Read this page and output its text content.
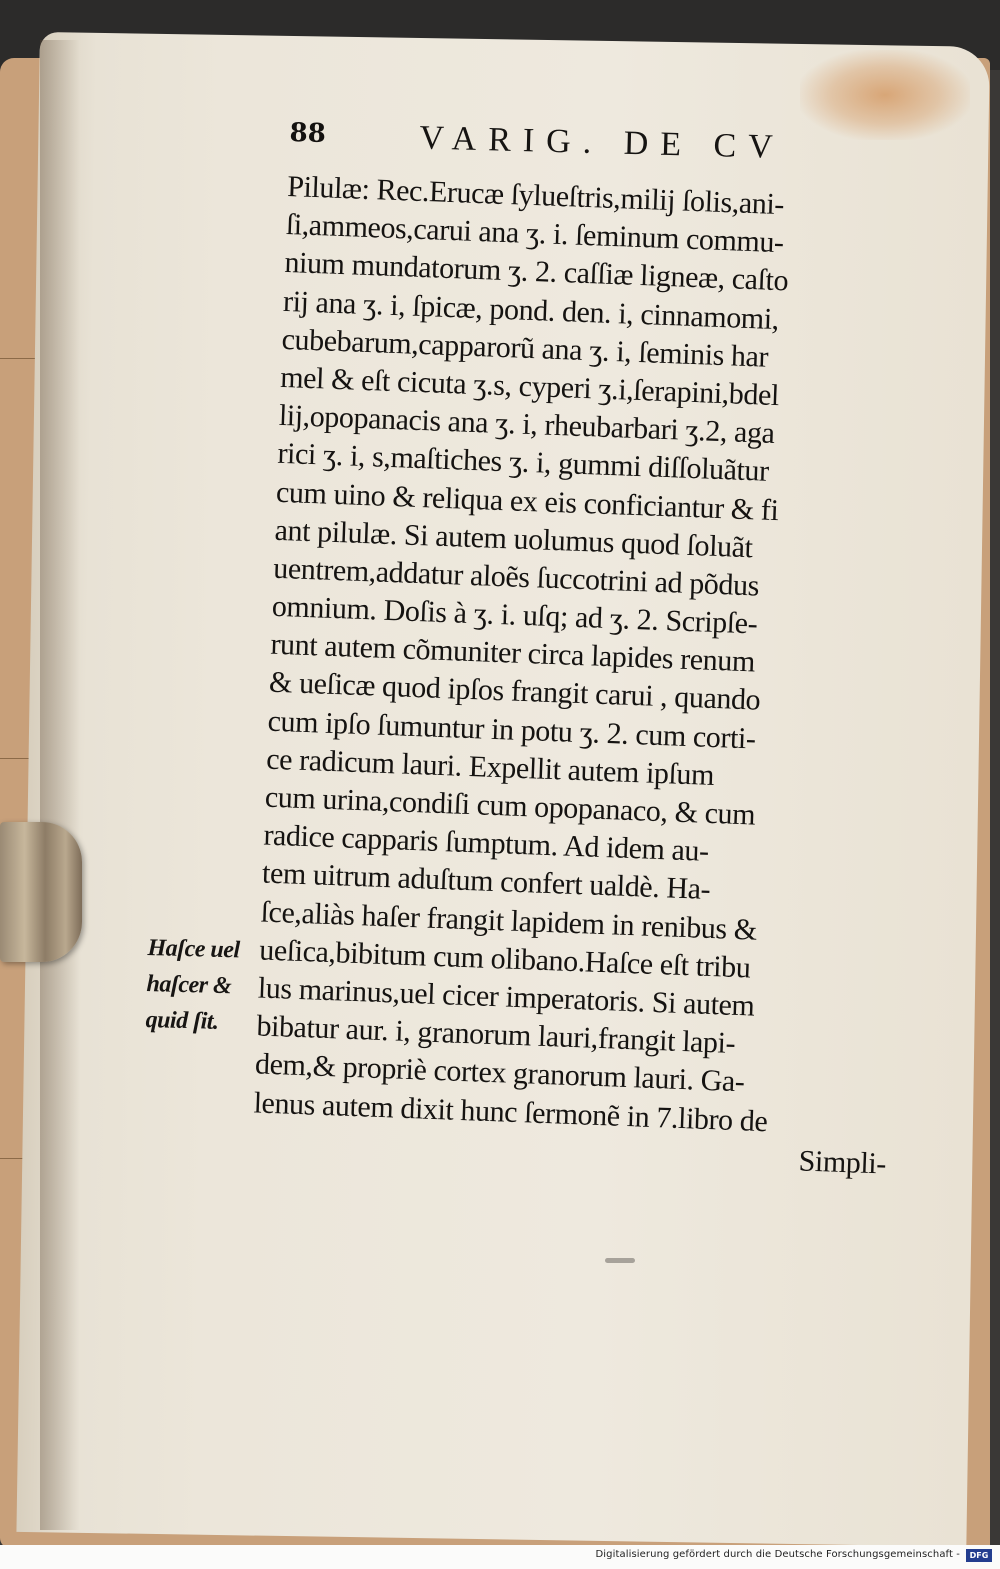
88	VARIG. DE CV
Pilulæ: Rec.Erucæ ſylueſtris,milij ſolis,ani-
ſi,ammeos,carui ana ʒ. i. ſeminum commu-
nium mundatorum ʒ. 2. caſſiæ ligneæ, caſto
rij ana ʒ. i, ſpicæ, pond. den. i, cinnamomi,
cubebarum,capparorũ ana ʒ. i, ſeminis har
mel & eſt cicuta ʒ.s, cyperi ʒ.i,ſerapini,bdel
lij,opopanacis ana ʒ. i, rheubarbari ʒ.2, aga
rici ʒ. i, s,maſtiches ʒ. i, gummi diſſoluãtur
cum uino & reliqua ex eis conficiantur & fi
ant pilulæ. Si autem uolumus quod ſoluãt
uentrem,addatur aloẽs ſuccotrini ad põdus
omnium. Doſis à ʒ. i. uſq; ad ʒ. 2. Scripſe-
runt autem cõmuniter circa lapides renum
& ueſicæ quod ipſos frangit carui , quando
cum ipſo ſumuntur in potu ʒ. 2. cum corti-
ce radicum lauri. Expellit autem ipſum
cum urina,condiſi cum opopanaco, & cum
radice capparis ſumptum. Ad idem au-
tem uitrum aduſtum confert ualdè. Ha-
ſce,aliàs haſer frangit lapidem in renibus &
ueſica,bibitum cum olibano.Haſce eſt tribu
lus marinus,uel cicer imperatoris. Si autem
bibatur aur. i, granorum lauri,frangit lapi-
dem,& propriè cortex granorum lauri. Ga-
lenus autem dixit hunc ſermonẽ in 7.libro de
Simpli-
Haſce uel
haſcer &
quid ſit.
Digitalisierung gefördert durch die Deutsche Forschungsgemeinschaft -	DFG
